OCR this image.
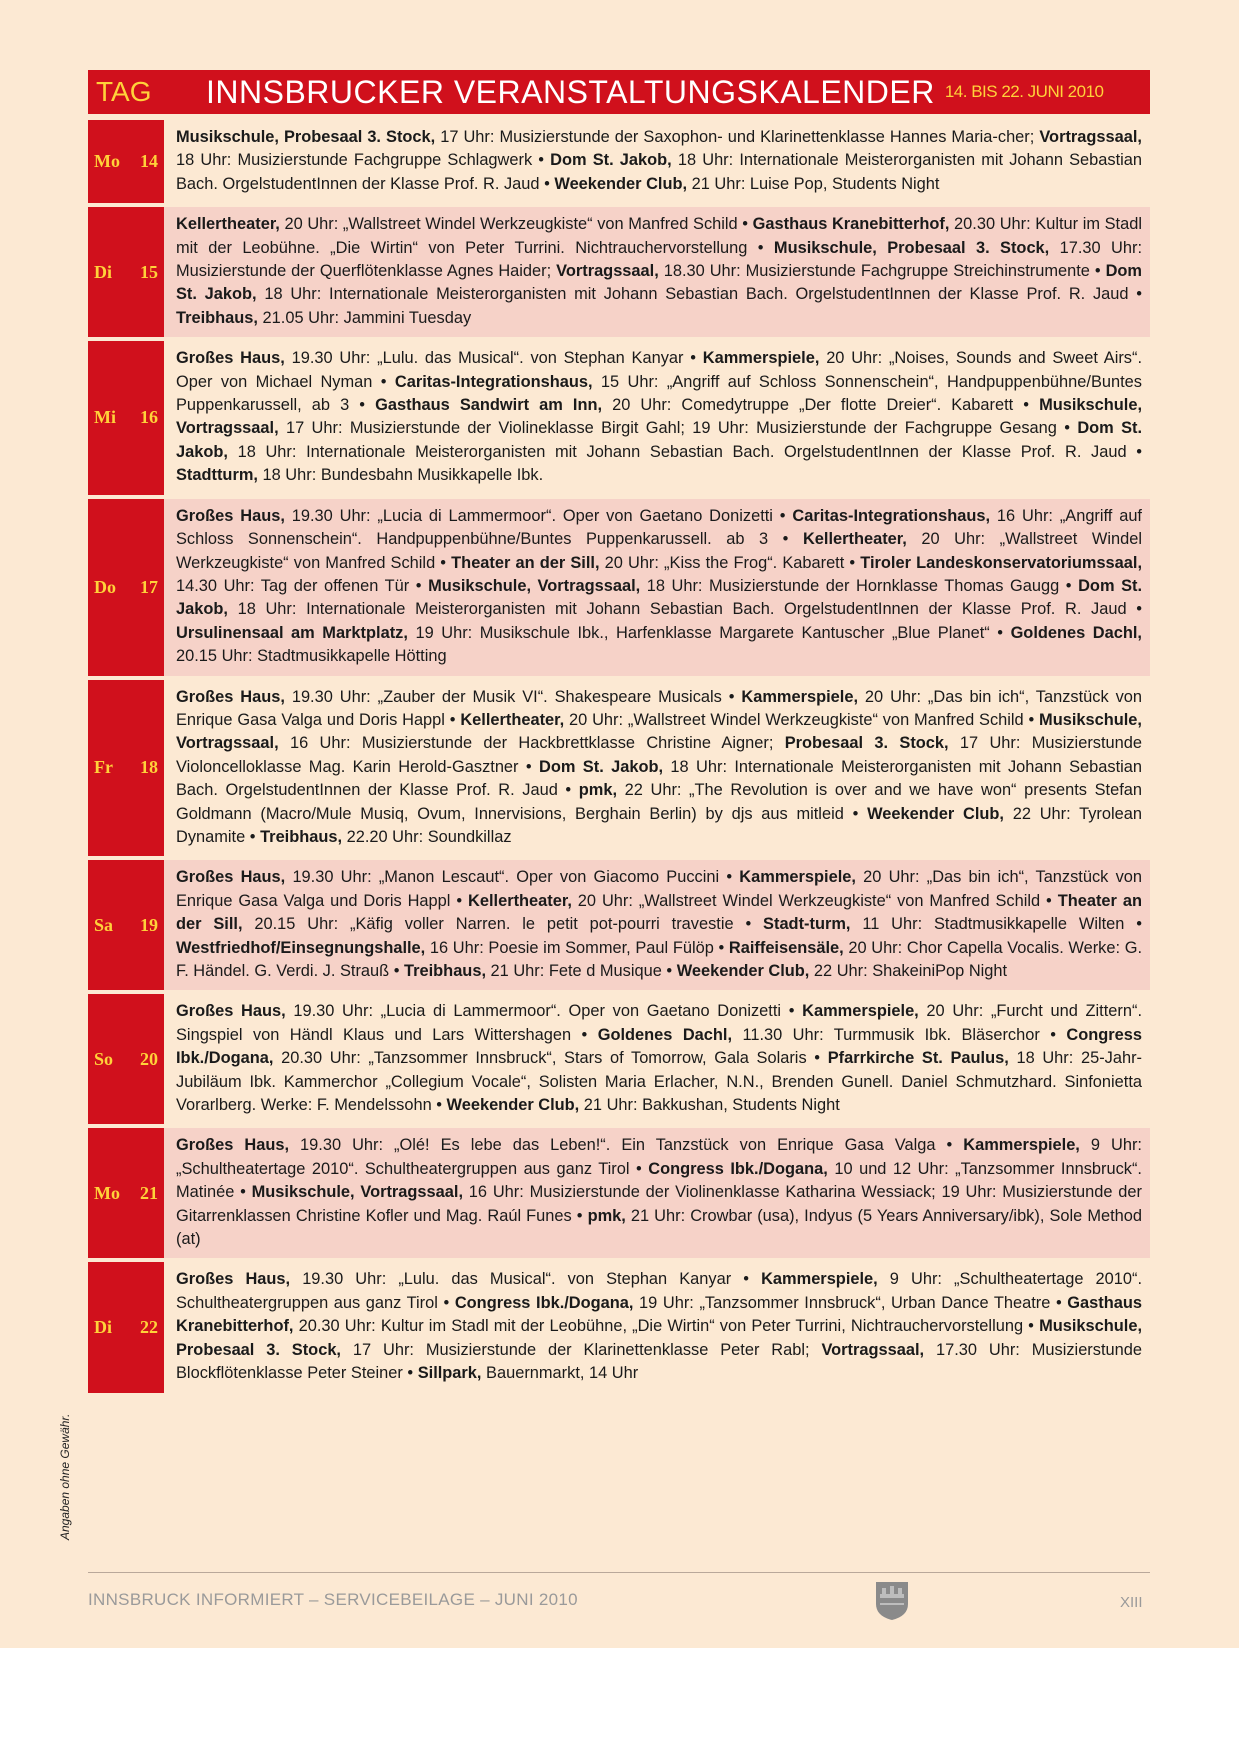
TAG	INNSBRUCKER VERANSTALTUNGSKALENDER 14. BIS 22. JUNI 2010
Mo 14
Musikschule, Probesaal 3. Stock, 17 Uhr: Musizierstunde der Saxophon- und Klarinettenklasse Hannes Maria-cher; Vortragssaal, 18 Uhr: Musizierstunde Fachgruppe Schlagwerk • Dom St. Jakob, 18 Uhr: Internationale Meisterorganisten mit Johann Sebastian Bach. OrgelstudentInnen der Klasse Prof. R. Jaud • Weekender Club, 21 Uhr: Luise Pop, Students Night
Di 15
Kellertheater, 20 Uhr: „Wallstreet Windel Werkzeugkiste“ von Manfred Schild • Gasthaus Kranebitterhof, 20.30 Uhr: Kultur im Stadl mit der Leobühne. „Die Wirtin“ von Peter Turrini. Nichtrauchervorstellung • Musikschule, Probesaal 3. Stock, 17.30 Uhr: Musizierstunde der Querflötenklasse Agnes Haider; Vortragssaal, 18.30 Uhr: Musizierstunde Fachgruppe Streichinstrumente • Dom St. Jakob, 18 Uhr: Internationale Meisterorganisten mit Johann Sebastian Bach. OrgelstudentInnen der Klasse Prof. R. Jaud • Treibhaus, 21.05 Uhr: Jammini Tuesday
Mi 16
Großes Haus, 19.30 Uhr: „Lulu. das Musical“. von Stephan Kanyar • Kammerspiele, 20 Uhr: „Noises, Sounds and Sweet Airs“. Oper von Michael Nyman • Caritas-Integrationshaus, 15 Uhr: „Angriff auf Schloss Sonnenschein“, Handpuppenbühne/Buntes Puppenkarussell, ab 3 • Gasthaus Sandwirt am Inn, 20 Uhr: Comedytruppe „Der flotte Dreier“. Kabarett • Musikschule, Vortragssaal, 17 Uhr: Musizierstunde der Violineklasse Birgit Gahl; 19 Uhr: Musizierstunde der Fachgruppe Gesang • Dom St. Jakob, 18 Uhr: Internationale Meisterorganisten mit Johann Sebastian Bach. OrgelstudentInnen der Klasse Prof. R. Jaud • Stadtturm, 18 Uhr: Bundesbahn Musikkapelle Ibk.
Do 17
Großes Haus, 19.30 Uhr: „Lucia di Lammermoor“. Oper von Gaetano Donizetti • Caritas-Integrationshaus, 16 Uhr: „Angriff auf Schloss Sonnenschein“. Handpuppenbühne/Buntes Puppenkarussell. ab 3 • Kellertheater, 20 Uhr: „Wallstreet Windel Werkzeugkiste“ von Manfred Schild • Theater an der Sill, 20 Uhr: „Kiss the Frog“. Kabarett • Tiroler Landeskonservatoriumssaal, 14.30 Uhr: Tag der offenen Tür • Musikschule, Vortragssaal, 18 Uhr: Musizierstunde der Hornklasse Thomas Gaugg • Dom St. Jakob, 18 Uhr: Internationale Meisterorganisten mit Johann Sebastian Bach. OrgelstudentInnen der Klasse Prof. R. Jaud • Ursulinensaal am Marktplatz, 19 Uhr: Musikschule Ibk., Harfenklasse Margarete Kantuscher „Blue Planet“ • Goldenes Dachl, 20.15 Uhr: Stadtmusikkapelle Hötting
Fr 18
Großes Haus, 19.30 Uhr: „Zauber der Musik VI“. Shakespeare Musicals • Kammerspiele, 20 Uhr: „Das bin ich“, Tanzstück von Enrique Gasa Valga und Doris Happl • Kellertheater, 20 Uhr: „Wallstreet Windel Werkzeugkiste“ von Manfred Schild • Musikschule, Vortragssaal, 16 Uhr: Musizierstunde der Hackbrettklasse Christine Aigner; Probesaal 3. Stock, 17 Uhr: Musizierstunde Violoncelloklasse Mag. Karin Herold-Gasztner • Dom St. Jakob, 18 Uhr: Internationale Meisterorganisten mit Johann Sebastian Bach. OrgelstudentInnen der Klasse Prof. R. Jaud • pmk, 22 Uhr: „The Revolution is over and we have won“ presents Stefan Goldmann (Macro/Mule Musiq, Ovum, Innervisions, Berghain Berlin) by djs aus mitleid • Weekender Club, 22 Uhr: Tyrolean Dynamite • Treibhaus, 22.20 Uhr: Soundkillaz
Sa 19
Großes Haus, 19.30 Uhr: „Manon Lescaut“. Oper von Giacomo Puccini • Kammerspiele, 20 Uhr: „Das bin ich“, Tanzstück von Enrique Gasa Valga und Doris Happl • Kellertheater, 20 Uhr: „Wallstreet Windel Werkzeugkiste“ von Manfred Schild • Theater an der Sill, 20.15 Uhr: „Käfig voller Narren. le petit pot-pourri travestie • Stadt-turm, 11 Uhr: Stadtmusikkapelle Wilten • Westfriedhof/Einsegnungshalle, 16 Uhr: Poesie im Sommer, Paul Fülöp • Raiffeisensäle, 20 Uhr: Chor Capella Vocalis. Werke: G. F. Händel. G. Verdi. J. Strauß • Treibhaus, 21 Uhr: Fete d Musique • Weekender Club, 22 Uhr: ShakeiniPop Night
So 20
Großes Haus, 19.30 Uhr: „Lucia di Lammermoor“. Oper von Gaetano Donizetti • Kammerspiele, 20 Uhr: „Furcht und Zittern“. Singspiel von Händl Klaus und Lars Wittershagen • Goldenes Dachl, 11.30 Uhr: Turmmusik Ibk. Bläserchor • Congress Ibk./Dogana, 20.30 Uhr: „Tanzsommer Innsbruck“, Stars of Tomorrow, Gala Solaris • Pfarrkirche St. Paulus, 18 Uhr: 25-Jahr-Jubiläum Ibk. Kammerchor „Collegium Vocale“, Solisten Maria Erlacher, N.N., Brenden Gunell. Daniel Schmutzhard. Sinfonietta Vorarlberg. Werke: F. Mendelssohn • Weekender Club, 21 Uhr: Bakkushan, Students Night
Mo 21
Großes Haus, 19.30 Uhr: „Olé! Es lebe das Leben!“. Ein Tanzstück von Enrique Gasa Valga • Kammerspiele, 9 Uhr: „Schultheatertage 2010“. Schultheatergruppen aus ganz Tirol • Congress Ibk./Dogana, 10 und 12 Uhr: „Tanzsommer Innsbruck“. Matinée • Musikschule, Vortragssaal, 16 Uhr: Musizierstunde der Violinenklasse Katharina Wessiack; 19 Uhr: Musizierstunde der Gitarrenklassen Christine Kofler und Mag. Raúl Funes • pmk, 21 Uhr: Crowbar (usa), Indyus (5 Years Anniversary/ibk), Sole Method (at)
Di 22
Großes Haus, 19.30 Uhr: „Lulu. das Musical“. von Stephan Kanyar • Kammerspiele, 9 Uhr: „Schultheatertage 2010“. Schultheatergruppen aus ganz Tirol • Congress Ibk./Dogana, 19 Uhr: „Tanzsommer Innsbruck“, Urban Dance Theatre • Gasthaus Kranebitterhof, 20.30 Uhr: Kultur im Stadl mit der Leobühne, „Die Wirtin“ von Peter Turrini, Nichtrauchervorstellung • Musikschule, Probesaal 3. Stock, 17 Uhr: Musizierstunde der Klarinettenklasse Peter Rabl; Vortragssaal, 17.30 Uhr: Musizierstunde Blockflötenklasse Peter Steiner • Sillpark, Bauernmarkt, 14 Uhr
Angaben ohne Gewähr.
INNSBRUCK INFORMIERT – SERVICEBEILAGE – JUNI 2010	XIII
